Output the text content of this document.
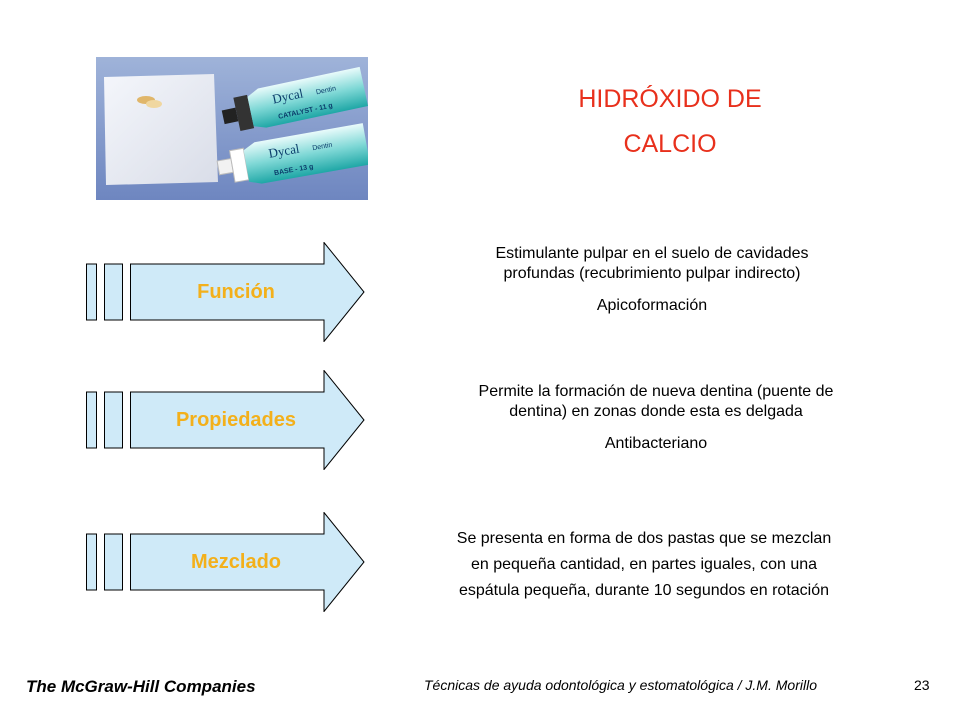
Dycal Dentin
CATALYST - 11 g
Dycal Dentin
BASE - 13 g
HIDRÓXIDO DE
CALCIO
Función
Estimulante pulpar en el suelo de cavidades
profundas (recubrimiento pulpar indirecto)
Apicoformación
Propiedades
Permite la formación de nueva dentina (puente de
dentina) en zonas donde esta es delgada
Antibacteriano
Mezclado
Se presenta en forma de dos pastas que se mezclan
en pequeña cantidad, en partes iguales, con una
espátula pequeña, durante 10 segundos en rotación
The McGraw-Hill Companies	Técnicas de ayuda odontológica y estomatológica / J.M. Morillo	23
